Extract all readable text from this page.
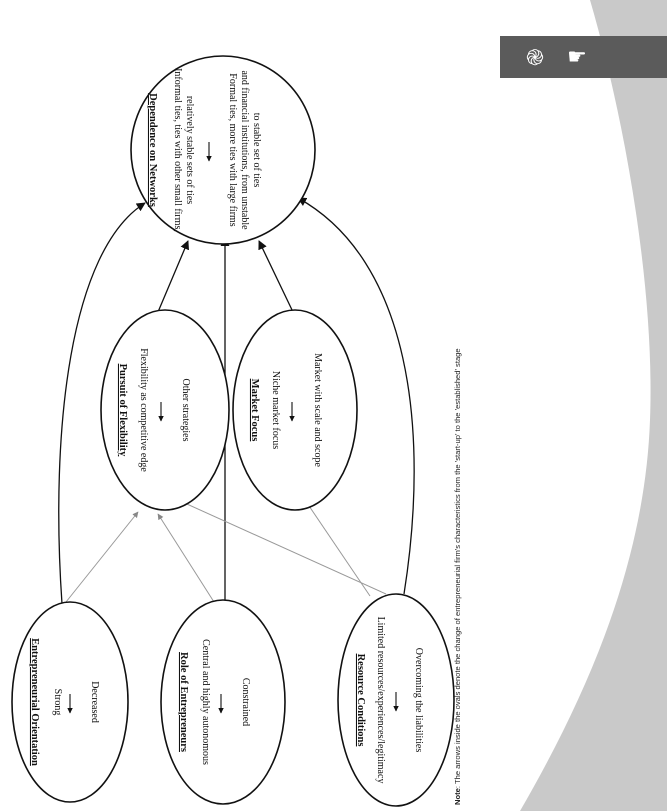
֎	☛
Dependence on Networks Informal ties, ties with other small firms, relatively stable sets of ties	Formal ties, more ties with large firms and financial institutions, from unstable to stable set of ties
Pursuit of Flexibility Flexibility as competitive edge	Other strategies	Market Focus Niche market focus	Market with scale and scope
Entrepreneurial Orientation Strong	Decreased	Role of Entrepreneurs Central and highly autonomous	Constrained	Resource Conditions Limited resources/experiences/legitimacy	Overcoming the liabilities
Note: The arrows inside the ovals denote the change of entrepreneurial firm's characteristics from the 'start-up' to the 'established' stage
